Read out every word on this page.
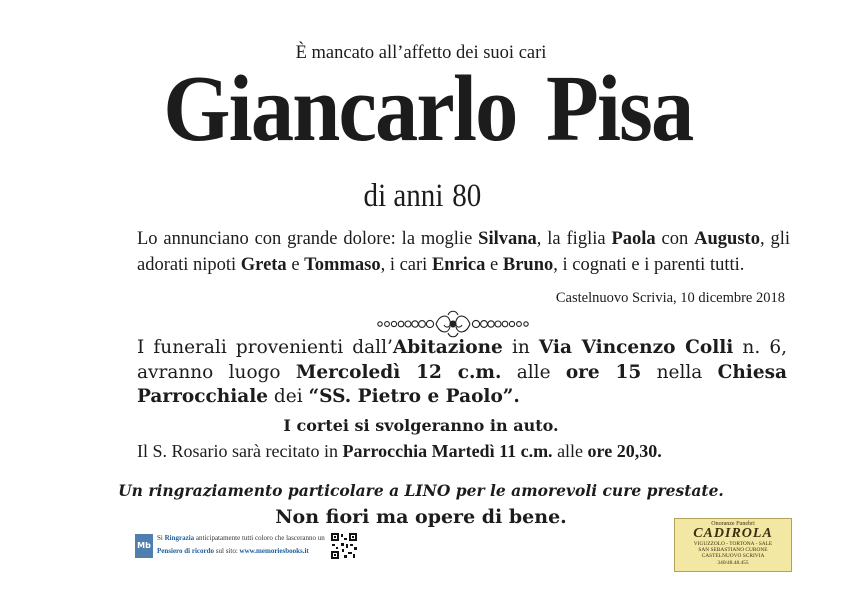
È mancato all’affetto dei suoi cari
Giancarlo Pisa
di anni 80
Lo annunciano con grande dolore: la moglie Silvana, la figlia Paola con Augusto, gli adorati nipoti Greta e Tommaso, i cari Enrica e Bruno, i cognati e i parenti tutti.
Castelnuovo Scrivia, 10 dicembre 2018
I funerali provenienti dall’Abitazione in Via Vincenzo Colli n. 6, avranno luogo Mercoledì 12 c.m. alle ore 15 nella Chiesa Parrocchiale dei “SS. Pietro e Paolo”.
I cortei si svolgeranno in auto.
Il S. Rosario sarà recitato in Parrocchia Martedì 11 c.m. alle ore 20,30.
Un ringraziamento particolare a LINO per le amorevoli cure prestate.
Non fiori ma opere di bene.
Mb
Si Ringrazia anticipatamente tutti coloro che lasceranno un
Pensiero di ricordo sul sito: www.memoriesbooks.it
Onoranze Funebri
CADIROLA
VIGUZZOLO - TORTONA - SALE
SAN SEBASTIANO CURONE
CASTELNUOVO SCRIVIA
340/48.48.455
